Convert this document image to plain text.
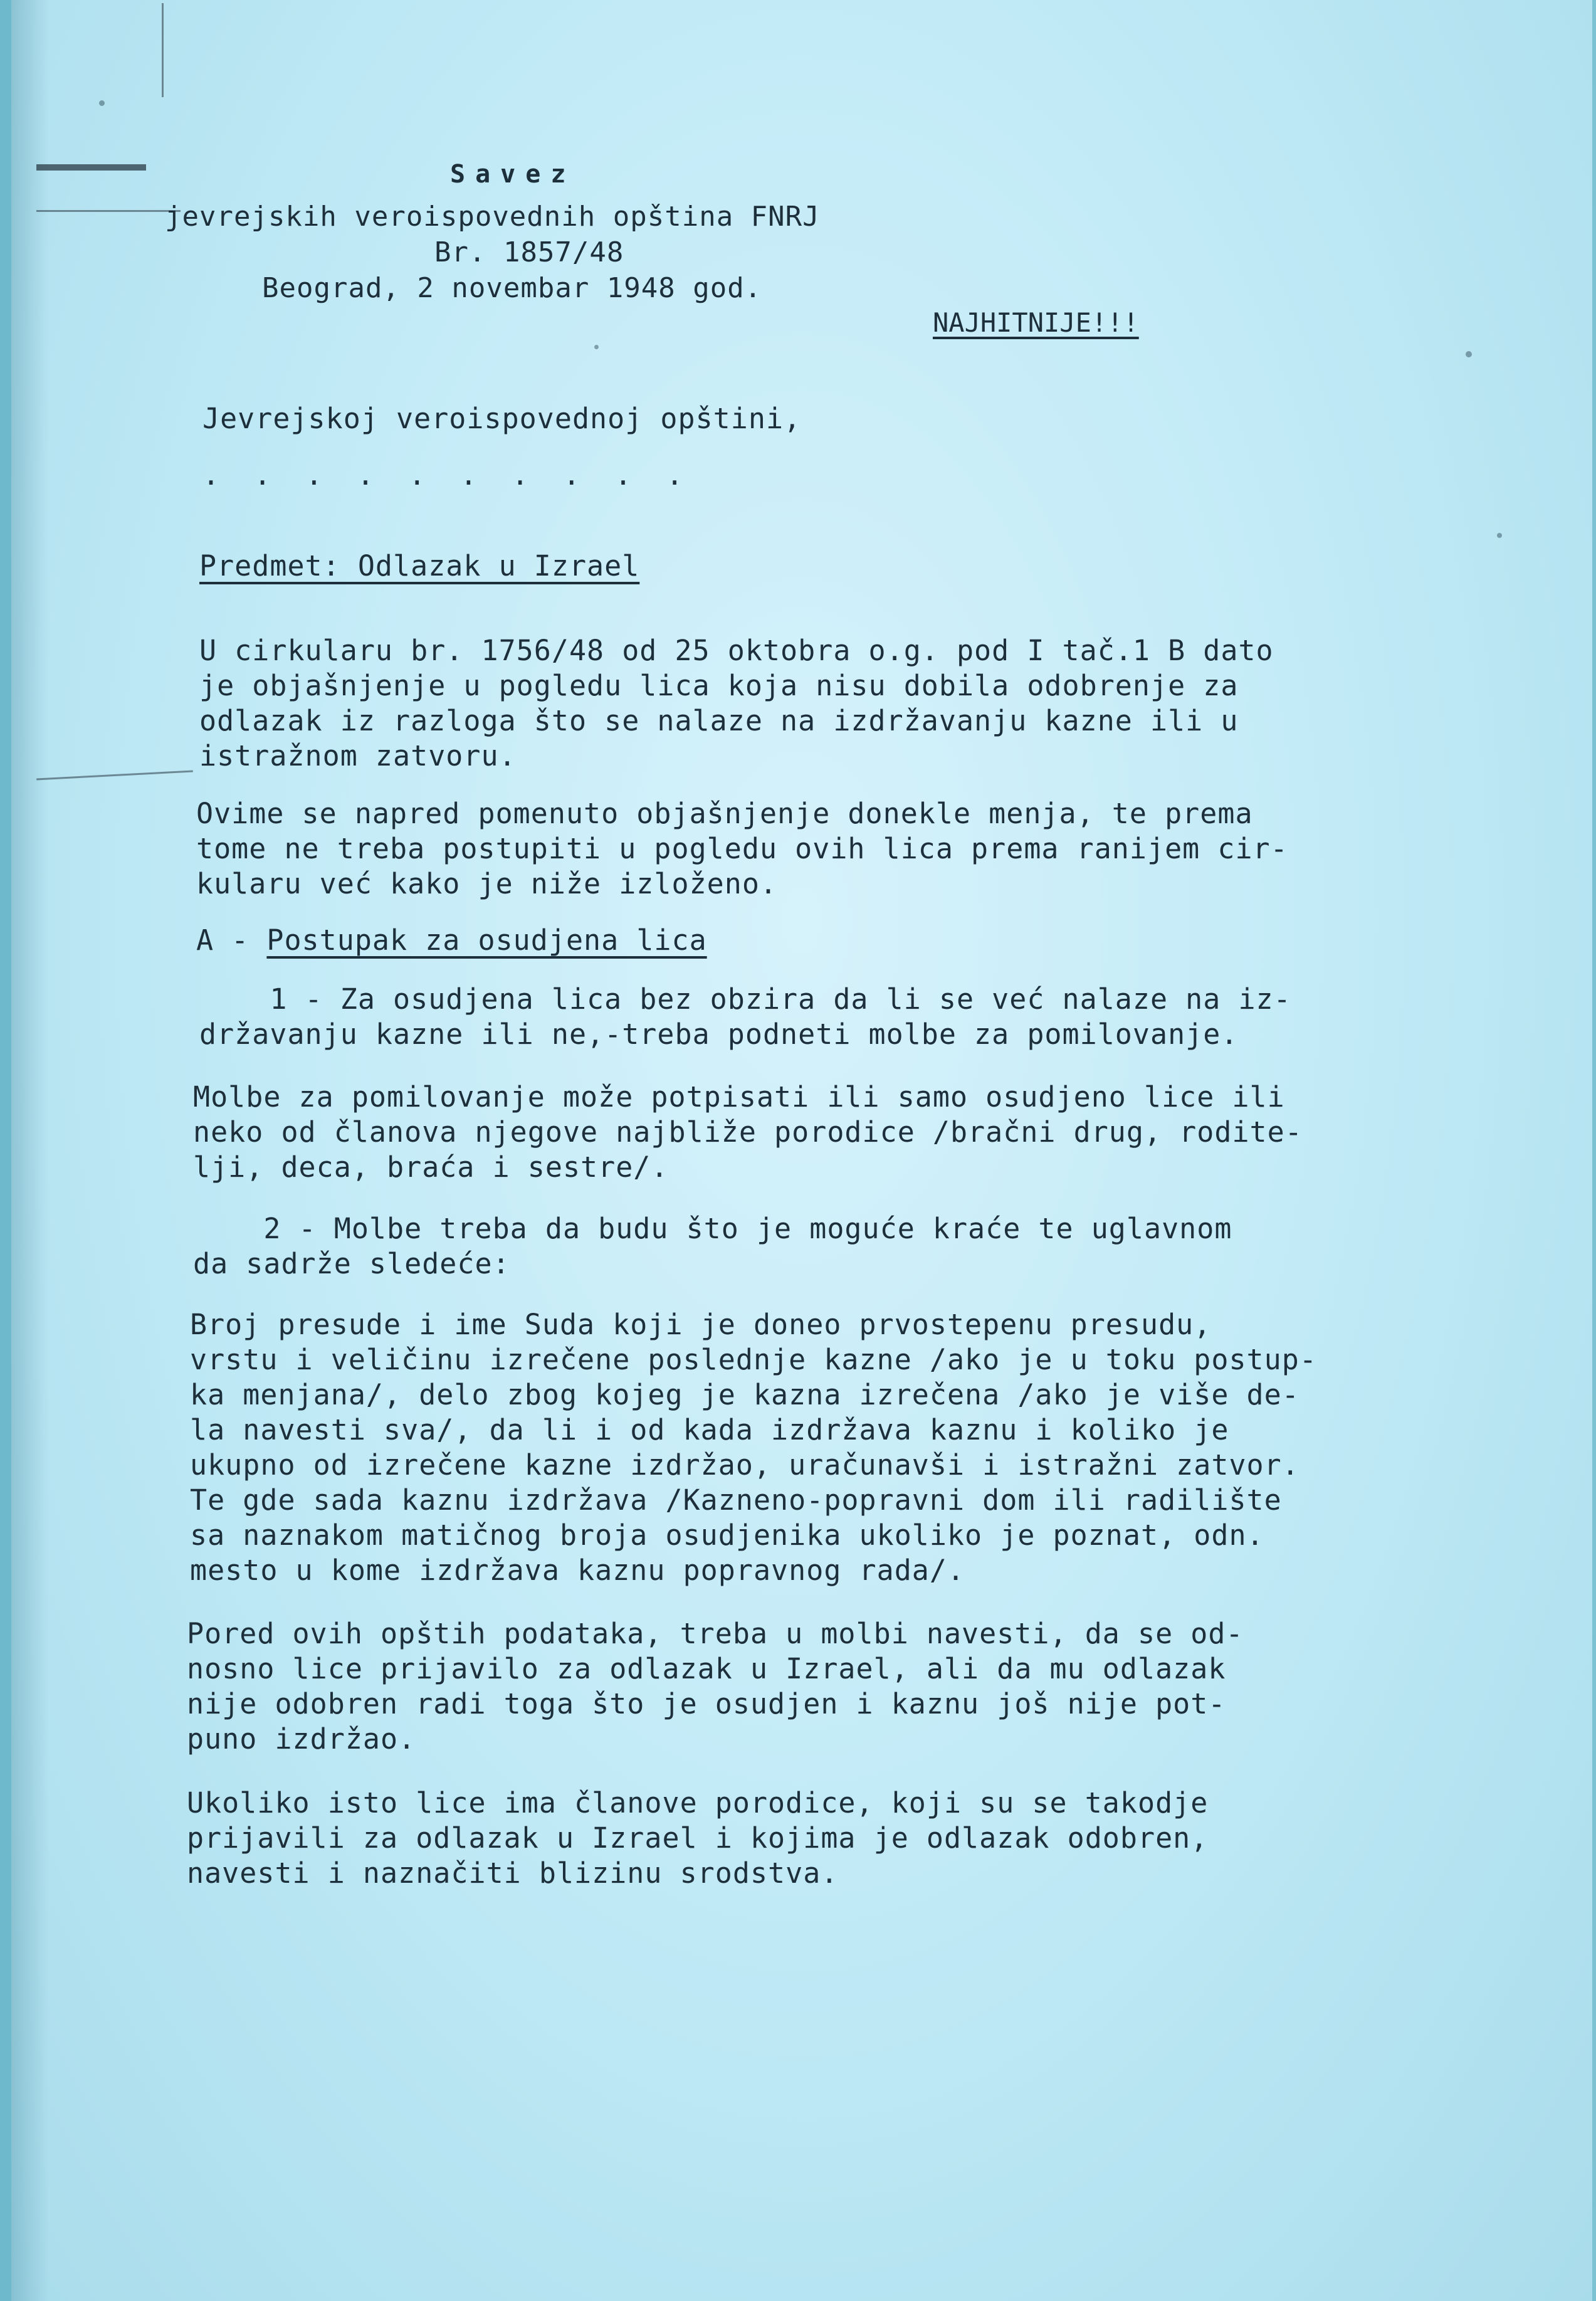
Savez
jevrejskih veroispovednih opština FNRJ
Br. 1857/48
Beograd, 2 novembar 1948 god.
NAJHITNIJE!!!
Jevrejskoj veroispovednoj opštini,
. . . . . . . . . .
Predmet: Odlazak u Izrael
U cirkularu br. 1756/48 od 25 oktobra o.g. pod I tač.1 B dato
je objašnjenje u pogledu lica koja nisu dobila odobrenje za
odlazak iz razloga što se nalaze na izdržavanju kazne ili u
istražnom zatvoru.
Ovime se napred pomenuto objašnjenje donekle menja, te prema
tome ne treba postupiti u pogledu ovih lica prema ranijem cir-
kularu već kako je niže izloženo.
A - Postupak za osudjena lica
1 - Za osudjena lica bez obzira da li se već nalaze na iz-
državanju kazne ili ne,-treba podneti molbe za pomilovanje.
Molbe za pomilovanje može potpisati ili samo osudjeno lice ili
neko od članova njegove najbliže porodice /bračni drug, rodite-
lji, deca, braća i sestre/.
2 - Molbe treba da budu što je moguće kraće te uglavnom
da sadrže sledeće:
Broj presude i ime Suda koji je doneo prvostepenu presudu,
vrstu i veličinu izrečene poslednje kazne /ako je u toku postup-
ka menjana/, delo zbog kojeg je kazna izrečena /ako je više de-
la navesti sva/, da li i od kada izdržava kaznu i koliko je
ukupno od izrečene kazne izdržao, uračunavši i istražni zatvor.
Te gde sada kaznu izdržava /Kazneno-popravni dom ili radilište
sa naznakom matičnog broja osudjenika ukoliko je poznat, odn.
mesto u kome izdržava kaznu popravnog rada/.
Pored ovih opštih podataka, treba u molbi navesti, da se od-
nosno lice prijavilo za odlazak u Izrael, ali da mu odlazak
nije odobren radi toga što je osudjen i kaznu još nije pot-
puno izdržao.
Ukoliko isto lice ima članove porodice, koji su se takodje
prijavili za odlazak u Izrael i kojima je odlazak odobren,
navesti i naznačiti blizinu srodstva.
